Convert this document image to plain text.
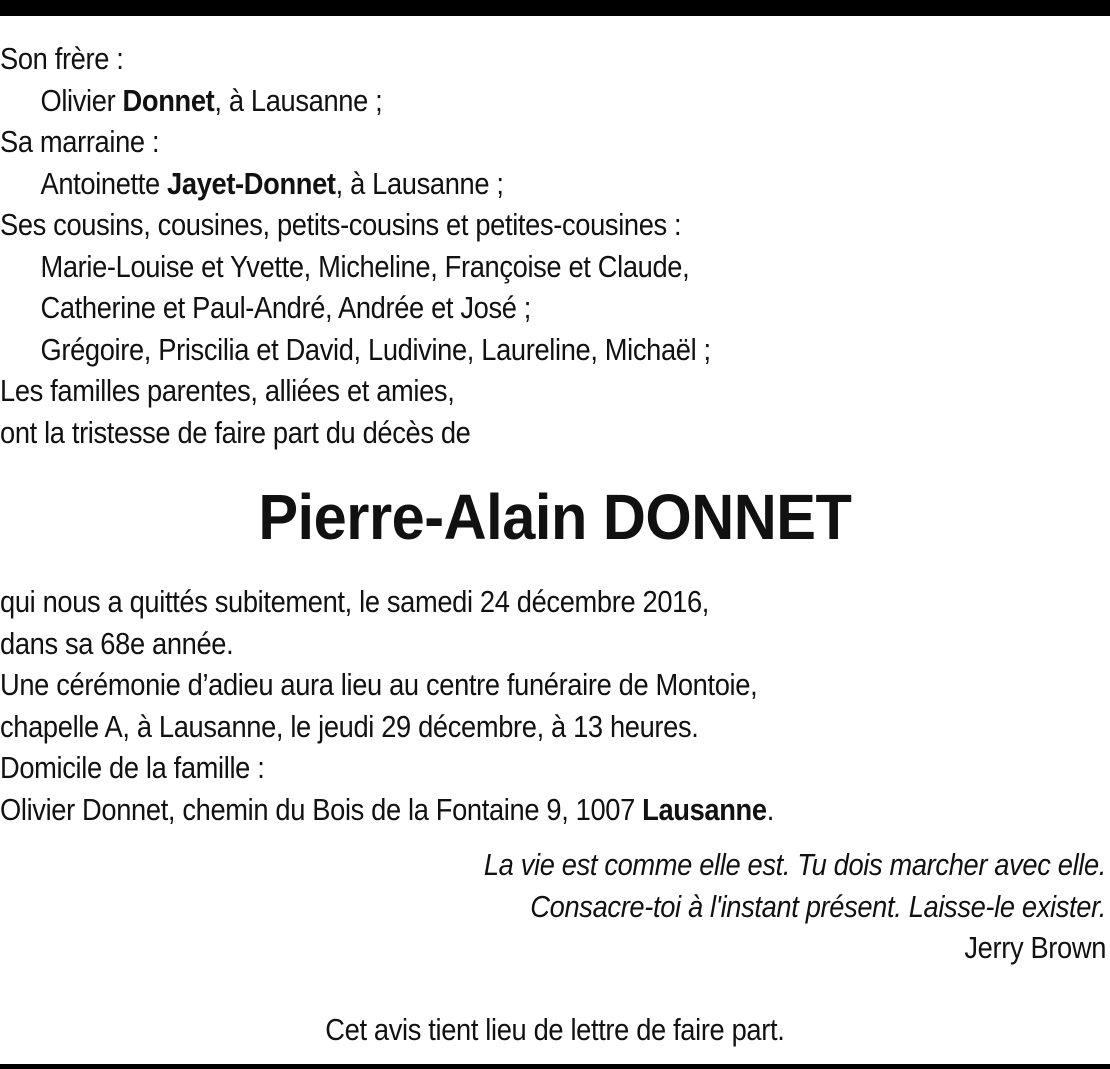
Son frère :
Olivier Donnet, à Lausanne ;
Sa marraine :
Antoinette Jayet-Donnet, à Lausanne ;
Ses cousins, cousines, petits-cousins et petites-cousines :
Marie-Louise et Yvette, Micheline, Françoise et Claude,
Catherine et Paul-André, Andrée et José ;
Grégoire, Priscilia et David, Ludivine, Laureline, Michaël ;
Les familles parentes, alliées et amies,
ont la tristesse de faire part du décès de
Pierre-Alain DONNET
qui nous a quittés subitement, le samedi 24 décembre 2016,
dans sa 68e année.
Une cérémonie d’adieu aura lieu au centre funéraire de Montoie,
chapelle A, à Lausanne, le jeudi 29 décembre, à 13 heures.
Domicile de la famille :
Olivier Donnet, chemin du Bois de la Fontaine 9, 1007 Lausanne.
La vie est comme elle est. Tu dois marcher avec elle.
Consacre-toi à l'instant présent. Laisse-le exister.
Jerry Brown
Cet avis tient lieu de lettre de faire part.
